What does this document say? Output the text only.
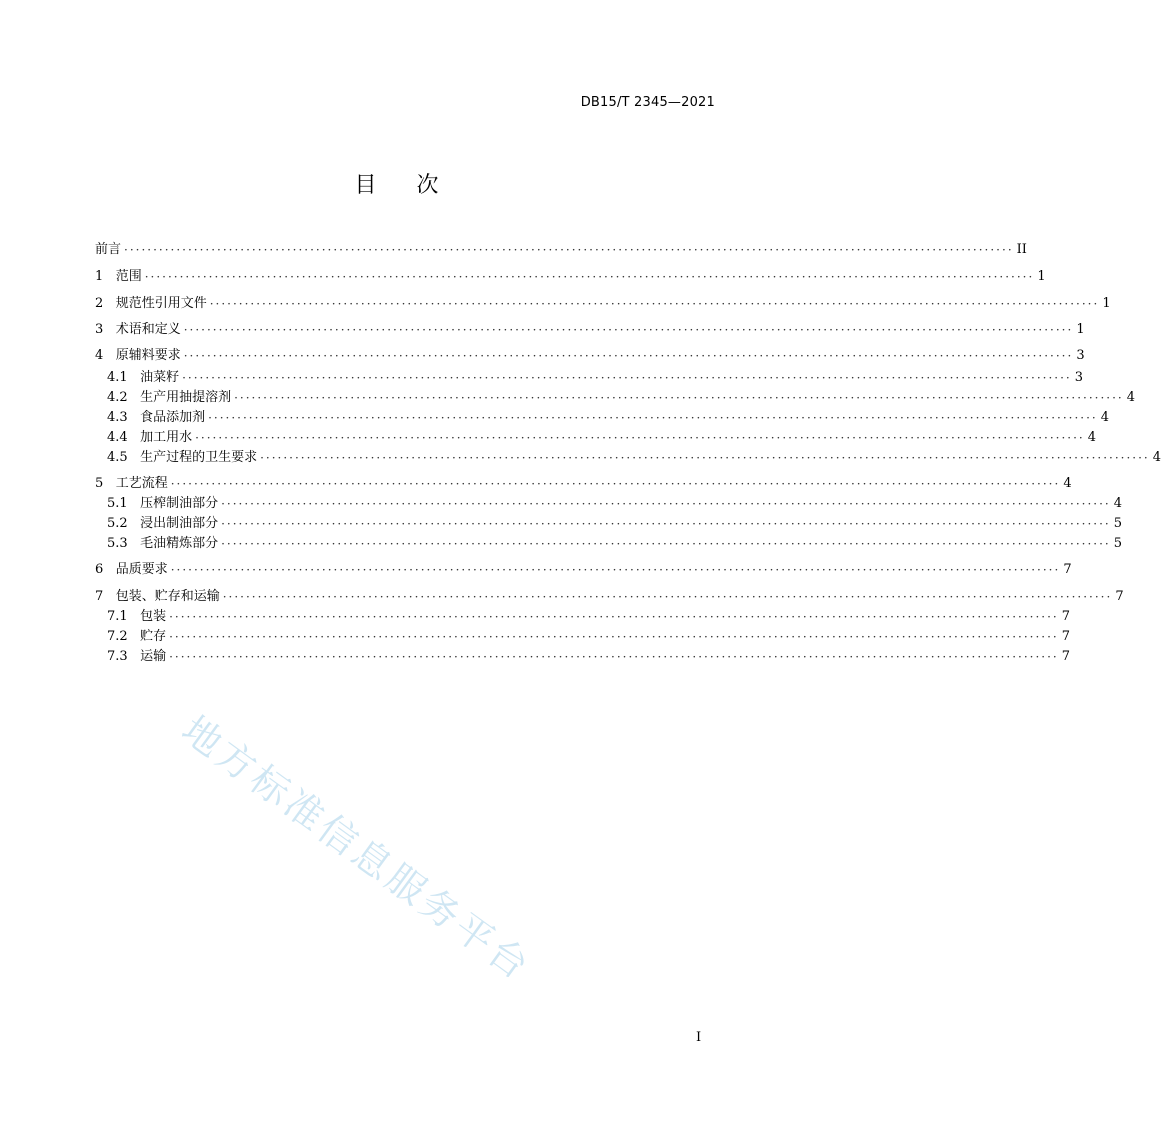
DB15/T 2345—2021
目 次
前言 ························································································································································· II
1
范围 ························································································································································· 1
2
规范性引用文件 ························································································································································· 1
3
术语和定义 ························································································································································· 1
4
原辅料要求 ························································································································································· 3
4.1
油菜籽 ························································································································································· 3
4.2
生产用抽提溶剂 ························································································································································· 4
4.3
食品添加剂 ························································································································································· 4
4.4
加工用水 ························································································································································· 4
4.5
生产过程的卫生要求 ························································································································································· 4
5
工艺流程 ························································································································································· 4
5.1
压榨制油部分 ························································································································································· 4
5.2
浸出制油部分 ························································································································································· 5
5.3
毛油精炼部分 ························································································································································· 5
6
品质要求 ························································································································································· 7
7
包装、贮存和运输 ························································································································································· 7
7.1
包装 ························································································································································· 7
7.2
贮存 ························································································································································· 7
7.3
运输 ························································································································································· 7
地方标准信息服务平台
I
